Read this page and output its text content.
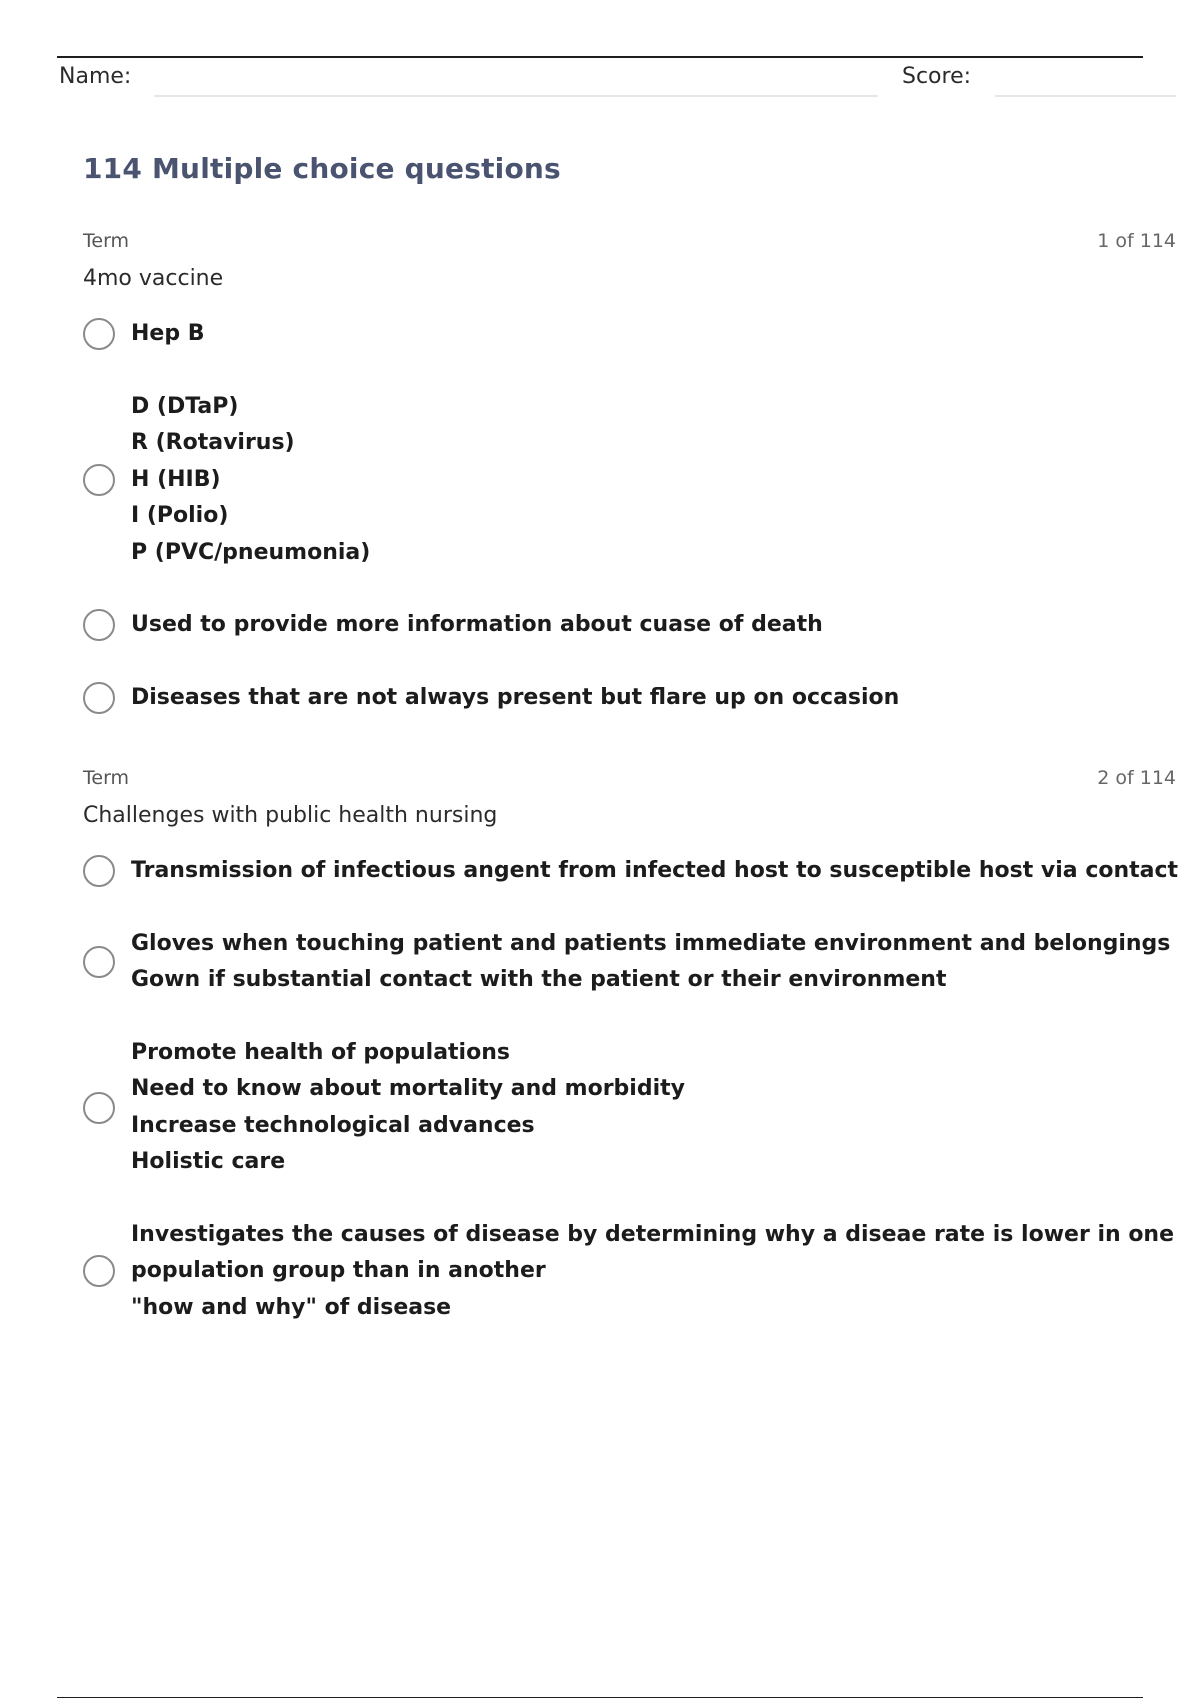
Name:	Score:
114 Multiple choice questions
Term	1 of 114
4mo vaccine
Hep B
D (DTaP)
R (Rotavirus)
H (HIB)
I (Polio)
P (PVC/pneumonia)
Used to provide more information about cuase of death
Diseases that are not always present but flare up on occasion
Term	2 of 114
Challenges with public health nursing
Transmission of infectious angent from infected host to susceptible host via contact
Gloves when touching patient and patients immediate environment and belongings
Gown if substantial contact with the patient or their environment
Promote health of populations
Need to know about mortality and morbidity
Increase technological advances
Holistic care
Investigates the causes of disease by determining why a diseae rate is lower in one
population group than in another
"how and why" of disease
